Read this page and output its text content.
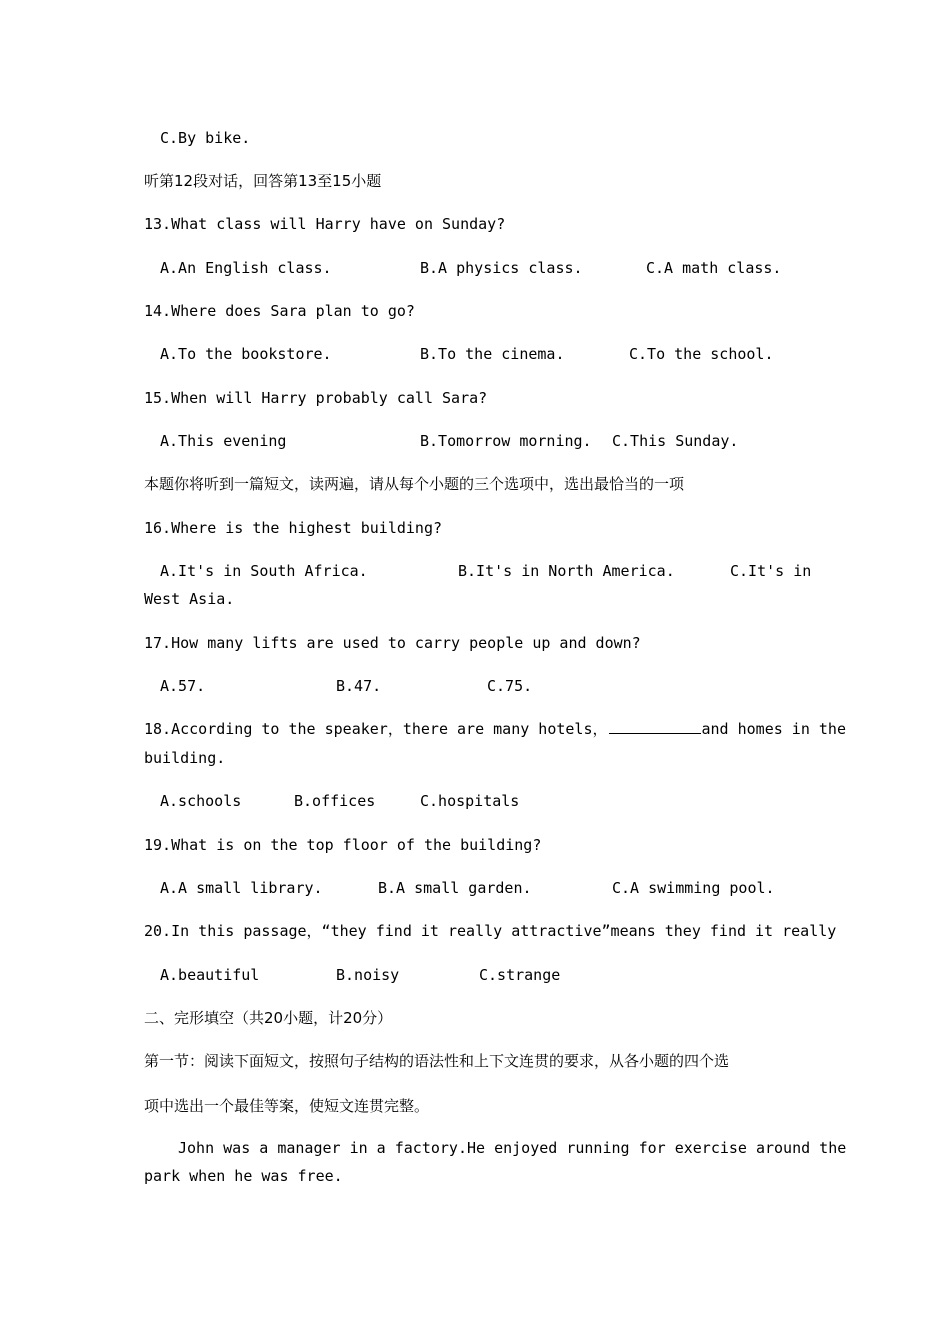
C.By bike.
听第12段对话，回答第13至15小题
13.What class will Harry have on Sunday?
A.An English class.	B.A physics class.	C.A math class.
14.Where does Sara plan to go?
A.To the bookstore.	B.To the cinema.	C.To the school.
15.When will Harry probably call Sara?
A.This evening	B.Tomorrow morning. C.This Sunday.
本题你将听到一篇短文，读两遍，请从每个小题的三个选项中，选出最恰当的一项
16.Where is the highest building?
A.It's in South Africa.	B.It's in North America.	C.It's in
West Asia.
17.How many lifts are used to carry people up and down?
A.57.	B.47.	C.75.
18.According to the speaker，there are many hotels，	and homes in the
building.
A.schools	B.offices	C.hospitals
19.What is on the top floor of the building?
A.A small library.	B.A small garden.	C.A swimming pool.
20.In this passage，“they find it really attractive”means they find it really
A.beautiful	B.noisy	C.strange
二、完形填空（共20小题，计20分）
第一节：阅读下面短文，按照句子结构的语法性和上下文连贯的要求，从各小题的四个选
项中选出一个最佳等案，使短文连贯完整。
John was a manager in a factory.He enjoyed running for exercise around the
park when he was free.
